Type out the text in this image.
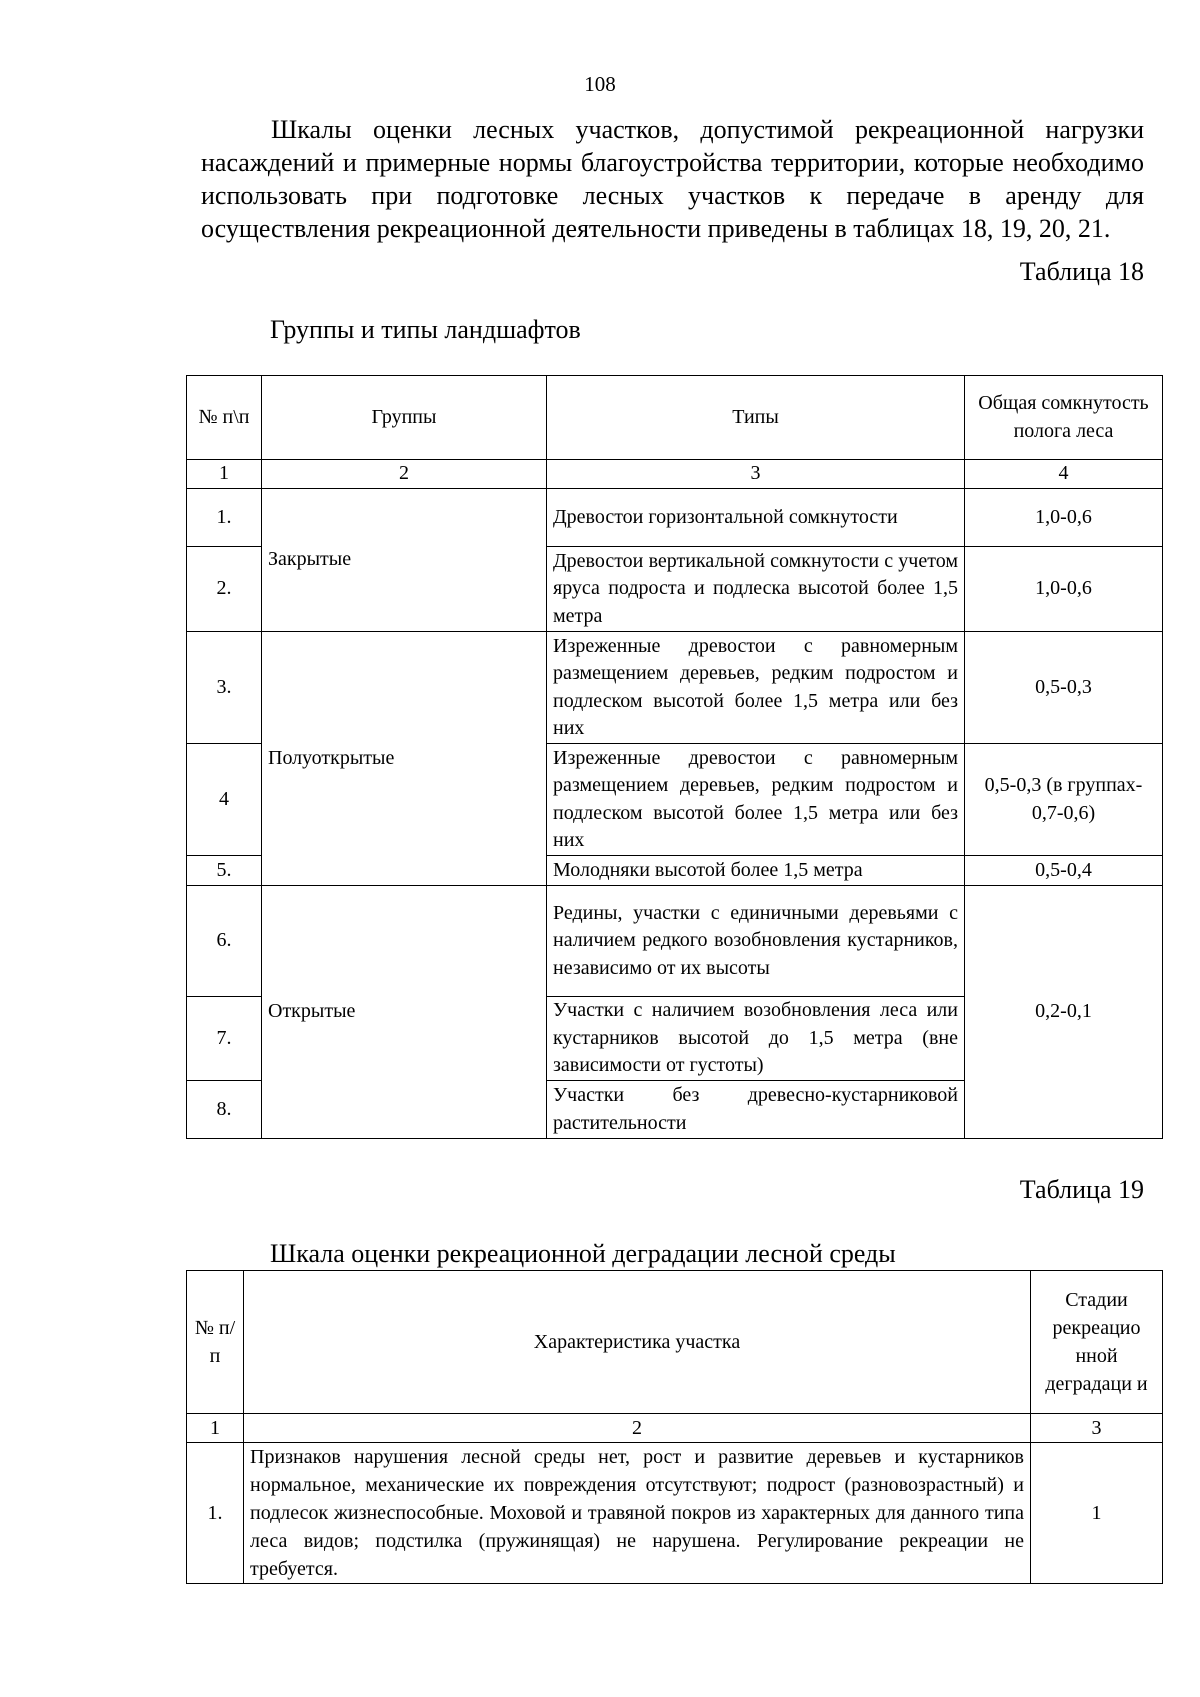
108

Шкалы оценки лесных участков, допустимой рекреационной нагрузки насаждений и примерные нормы благоустройства территории, которые необходимо использовать при подготовке лесных участков к передаче в аренду для осуществления рекреационной деятельности приведены в таблицах 18, 19, 20, 21.

Таблица 18
Группы и типы ландшафтов
№ п\п	Группы	Типы	Общая сомкнутость полога леса
1	2	3	4
1.	Закрытые	Древостои горизонтальной сомкнутости	1,0-0,6
2.		Древостои вертикальной сомкнутости с учетом яруса подроста и подлеска высотой более 1,5 метра	1,0-0,6
3.	Полуоткрытые	Изреженные древостои с равномерным размещением деревьев, редким подростом и подлеском высотой более 1,5 метра или без них	0,5-0,3
4		Изреженные древостои с равномерным размещением деревьев, редким подростом и подлеском высотой более 1,5 метра или без них	0,5-0,3 (в группах- 0,7-0,6)
5.		Молодняки высотой более 1,5 метра	0,5-0,4
6.	Открытые	Редины, участки с единичными деревьями с наличием редкого возобновления кустарников, независимо от их высоты	0,2-0,1
7.		Участки с наличием возобновления леса или кустарников высотой до 1,5 метра (вне зависимости от густоты)	
8.		Участки без древесно-кустарниковой растительности	
Таблица 19
Шкала оценки рекреационной деградации лесной среды
№ п/п	Характеристика участка	Стадии рекреацио нной деградаци и
1	2	3
1.	Признаков нарушения лесной среды нет, рост и развитие деревьев и кустарников нормальное, механические их повреждения отсутствуют; подрост (разновозрастный) и подлесок жизнеспособные. Моховой и травяной покров из характерных для данного типа леса видов; подстилка (пружинящая) не нарушена. Регулирование рекреации не требуется.	1
